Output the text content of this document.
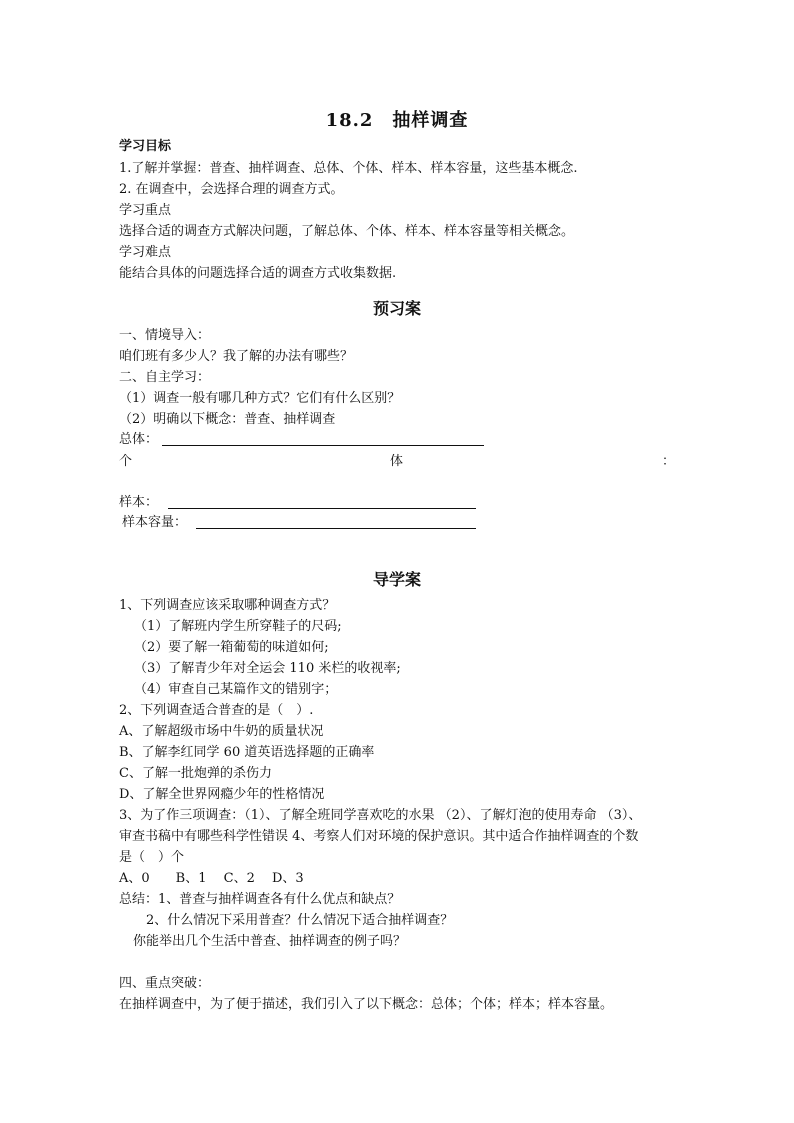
18.2　抽样调查
学习目标
1.了解并掌握：普查、抽样调查、总体、个体、样本、样本容量，这些基本概念.
2. 在调查中，会选择合理的调查方式。
学习重点
选择合适的调查方式解决问题，了解总体、个体、样本、样本容量等相关概念。
学习难点
能结合具体的问题选择合适的调查方式收集数据.
预习案
一、情境导入：
咱们班有多少人？我了解的办法有哪些？
二、自主学习：
（1）调查一般有哪几种方式？它们有什么区别？
（2）明确以下概念：普查、抽样调查
总体：
个	体	：
样本：
样本容量：
导学案
1、下列调查应该采取哪种调查方式？
（1）了解班内学生所穿鞋子的尺码;
（2）要了解一箱葡萄的味道如何;
（3）了解青少年对全运会 110 米栏的收视率;
（4）审查自己某篇作文的错别字；
2、下列调查适合普查的是（　）.
A、了解超级市场中牛奶的质量状况
B、了解李红同学 60 道英语选择题的正确率
C、了解一批炮弹的杀伤力
D、了解全世界网瘾少年的性格情况
3、为了作三项调查：（1）、了解全班同学喜欢吃的水果 （2）、了解灯泡的使用寿命 （3）、
审查书稿中有哪些科学性错误 4、考察人们对环境的保护意识。其中适合作抽样调查的个数
是（　）个
A、0　　B、1　 C、2　 D、3
总结：1、普查与抽样调查各有什么优点和缺点？
2、什么情况下采用普查？什么情况下适合抽样调查？
你能举出几个生活中普查、抽样调查的例子吗？
四、重点突破：
在抽样调查中，为了便于描述，我们引入了以下概念：总体；个体；样本；样本容量。
